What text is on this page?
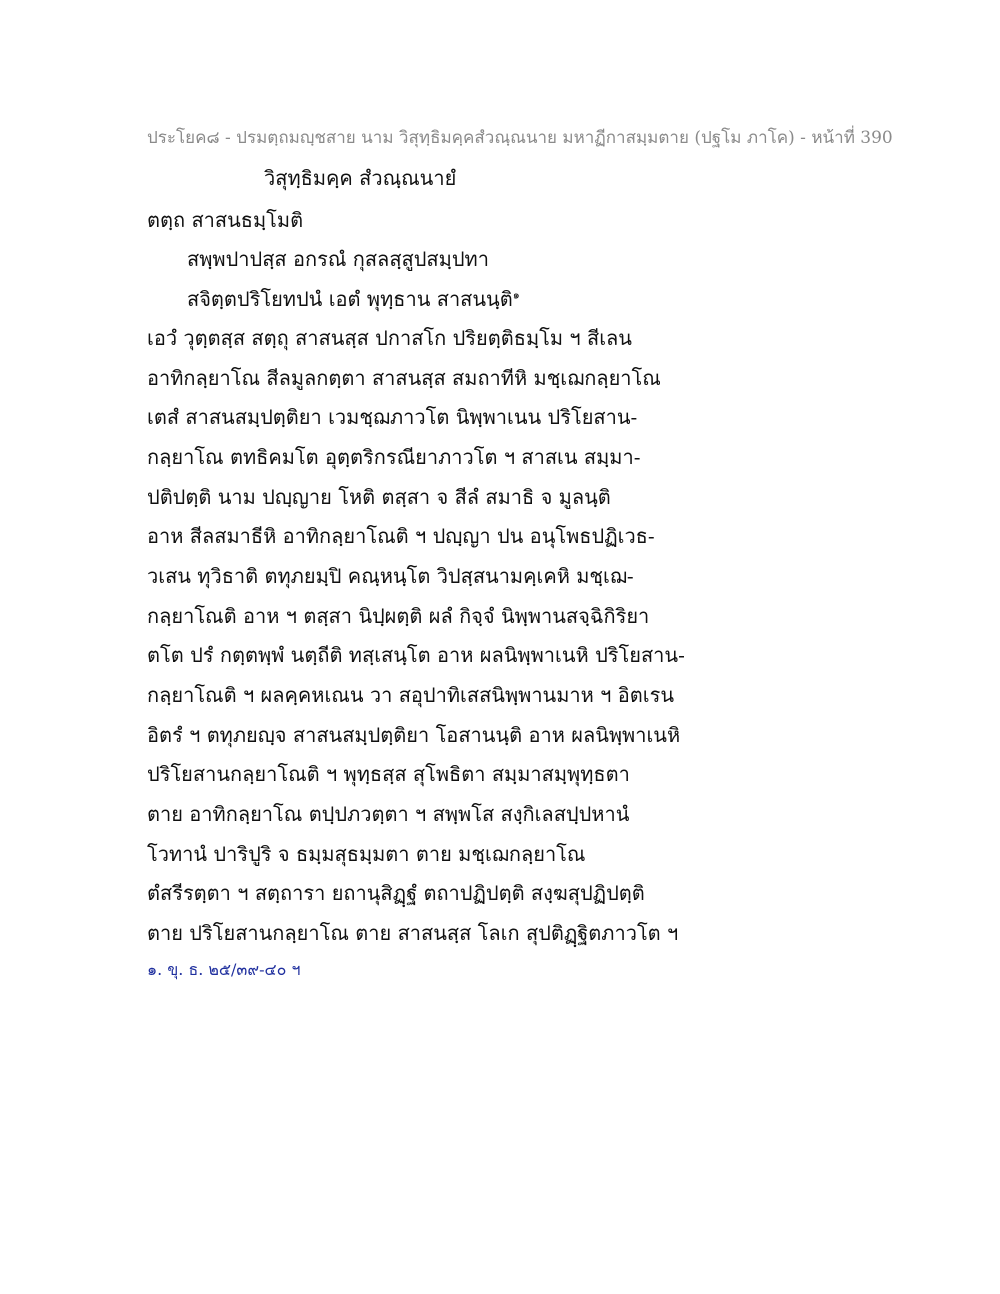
ประโยค๘ - ปรมตฺถมญฺชสาย นาม วิสุทฺธิมคฺคสํวณฺณนาย มหาฏีกาสมฺมตาย (ปฐโม ภาโค) - หน้าที่ 390
วิสุทฺธิมคฺค สํวณฺณนายํ
ตตฺถ สาสนธมฺโมติ
สพฺพปาปสฺส อกรณํ กุสลสฺสูปสมฺปทา
สจิตฺตปริโยทปนํ เอตํ พุทฺธาน สาสนนฺติ$^๑$
เอวํ วุตฺตสฺส สตฺถุ สาสนสฺส ปกาสโก ปริยตฺติธมฺโม ฯ สีเลน
อาทิกลฺยาโณ สีลมูลกตฺตา สาสนสฺส สมถาทีหิ มชฺเฌกลฺยาโณ
เตสํ สาสนสมฺปตฺติยา เวมชฺฌภาวโต นิพฺพาเนน ปริโยสาน-
กลฺยาโณ ตทธิคมโต อุตฺตริกรณียาภาวโต ฯ สาสเน สมฺมา-
ปติปตฺติ นาม ปญฺญาย โหติ ตสฺสา จ สีลํ สมาธิ จ มูลนฺติ
อาห สีลสมาธีหิ อาทิกลฺยาโณติ ฯ ปญฺญา ปน อนุโพธปฏิเวธ-
วเสน ทุวิธาติ ตทุภยมฺปิ คณฺหนฺโต วิปสฺสนามคฺเคหิ มชฺเฌ-
กลฺยาโณติ อาห ฯ ตสฺสา นิปฺผตฺติ ผลํ กิจฺจํ นิพฺพานสจฺฉิกิริยา
ตโต ปรํ กตฺตพฺพํ นตฺถีติ ทสฺเสนฺโต อาห ผลนิพฺพาเนหิ ปริโยสาน-
กลฺยาโณติ ฯ ผลคฺคหเณน วา สอุปาทิเสสนิพฺพานมาห ฯ อิตเรน
อิตรํ ฯ ตทุภยญฺจ สาสนสมฺปตฺติยา โอสานนฺติ อาห ผลนิพฺพาเนหิ
ปริโยสานกลฺยาโณติ ฯ พุทฺธสฺส สุโพธิตา สมฺมาสมฺพุทฺธตา
ตาย อาทิกลฺยาโณ ตปฺปภวตฺตา ฯ สพฺพโส สงฺกิเลสปฺปหานํ
โวทานํ ปาริปูริ จ ธมฺมสุธมฺมตา ตาย มชฺเฌกลฺยาโณ
ตํสรีรตฺตา ฯ สตฺถารา ยถานุสิฏฺฐํ ตถาปฏิปตฺติ สงฺฆสุปฏิปตฺติ
ตาย ปริโยสานกลฺยาโณ ตาย สาสนสฺส โลเก สุปติฏฺฐิตภาวโต ฯ
๑. ขุ. ธ. ๒๕/๓๙-๔๐ ฯ
